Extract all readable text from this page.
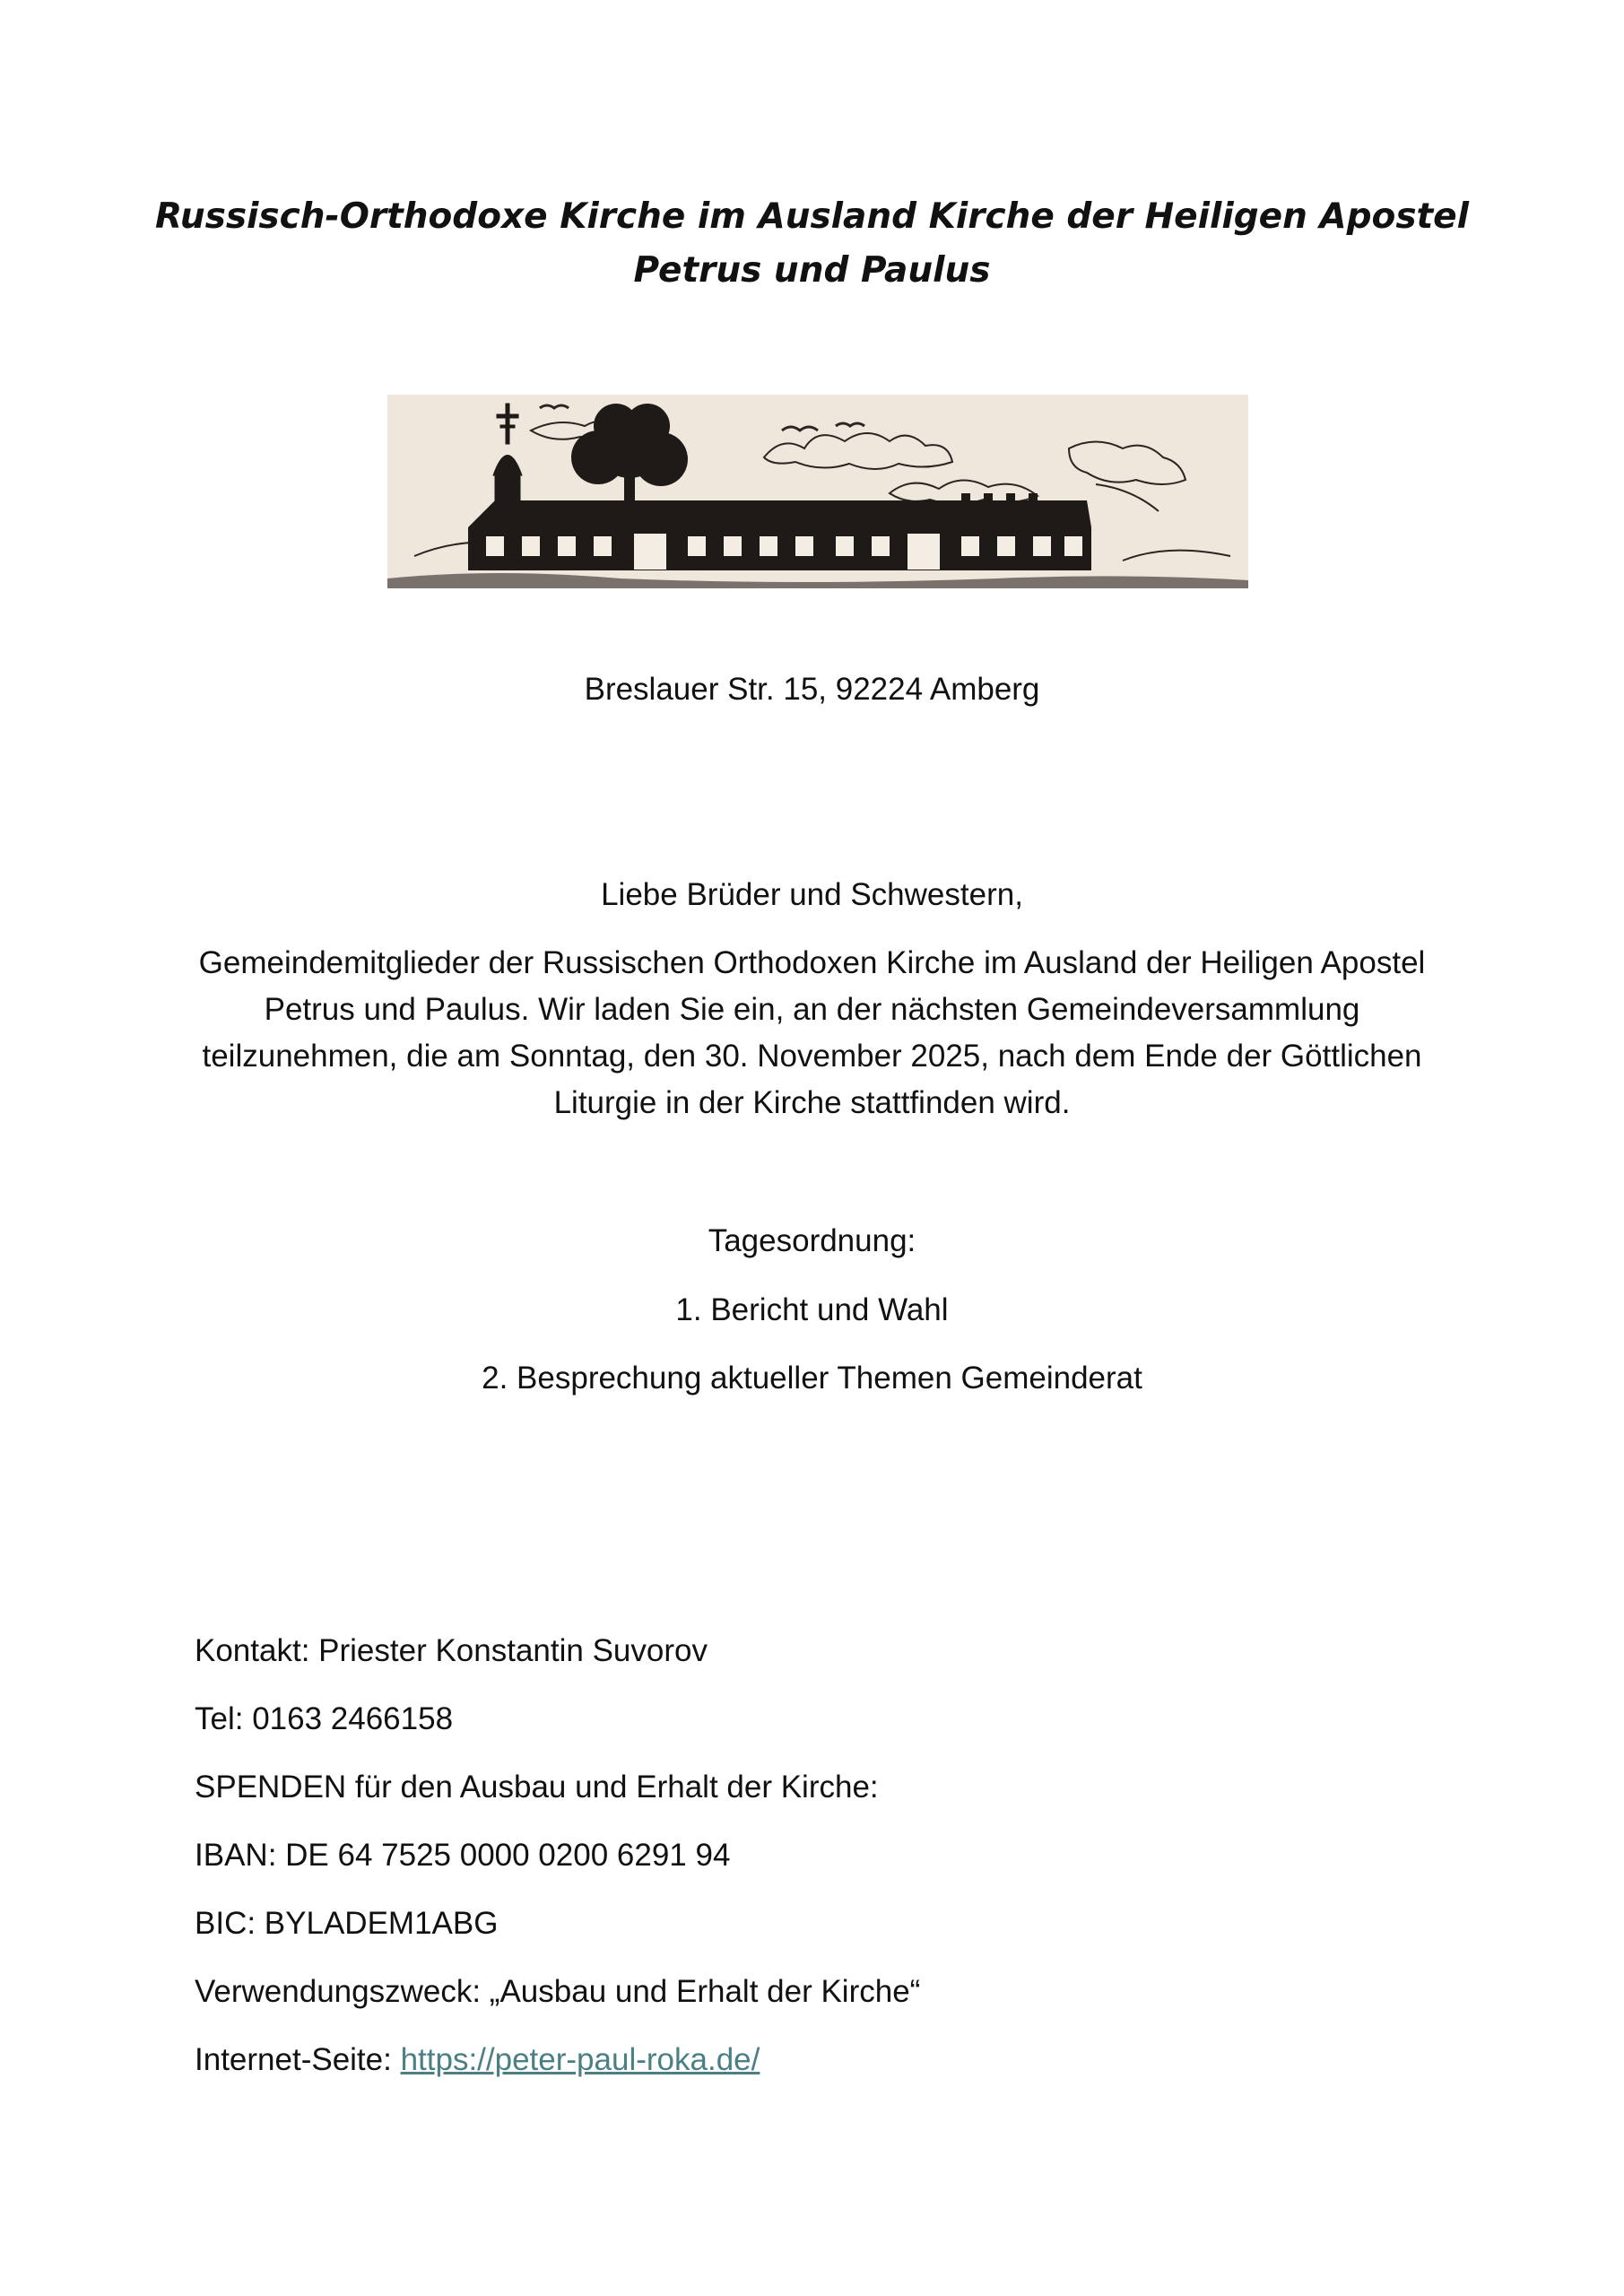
Russisch-Orthodoxe Kirche im Ausland Kirche der Heiligen Apostel
Petrus und Paulus

Breslauer Str. 15, 92224 Amberg

Liebe Brüder und Schwestern,

Gemeindemitglieder der Russischen Orthodoxen Kirche im Ausland der Heiligen Apostel Petrus und Paulus. Wir laden Sie ein, an der nächsten Gemeindeversammlung teilzunehmen, die am Sonntag, den 30. November 2025, nach dem Ende der Göttlichen Liturgie in der Kirche stattfinden wird.

Tagesordnung:

1. Bericht und Wahl

2. Besprechung aktueller Themen Gemeinderat

Kontakt: Priester Konstantin Suvorov

Tel: 0163 2466158

SPENDEN für den Ausbau und Erhalt der Kirche:

IBAN: DE 64 7525 0000 0200 6291 94

BIC: BYLADEM1ABG

Verwendungszweck: „Ausbau und Erhalt der Kirche“

Internet-Seite: https://peter-paul-roka.de/
